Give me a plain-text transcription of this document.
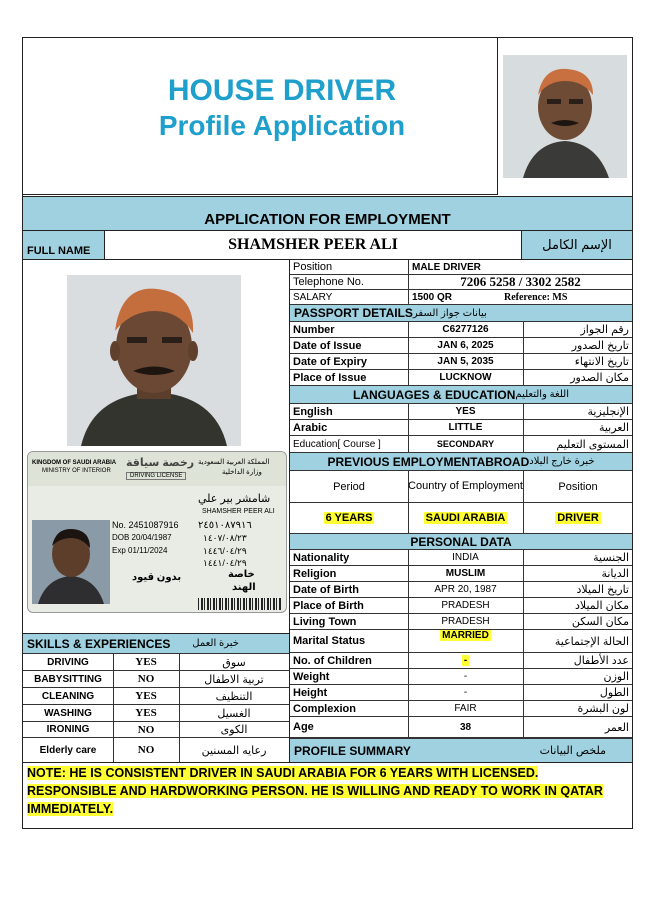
HOUSE DRIVER
Profile Application
APPLICATION FOR EMPLOYMENT
FULL NAME	SHAMSHER PEER ALI	الإسم الكامل
KINGDOM OF SAUDI ARABIA
MINISTRY OF INTERIOR
رخصة سياقة
DRIVING LICENSE
المملكة العربية السعودية
وزارة الداخلية
شامشر بير علي
SHAMSHER PEER ALI
No. 2451087916 ٢٤٥١٠٨٧٩١٦
DOB 20/04/1987	١٤٠٧/٠٨/٢٣
Exp 01/11/2024	١٤٤٦/٠٤/٢٩
١٤٤١/٠٤/٢٩
خاصة
بدون قيود
الهند
Position	MALE DRIVER
Telephone No.	7206 5258 / 3302 2582
SALARY	1500 QR	Reference: MS
PASSPORT DETAILS بيانات جواز السفر
Number	C6277126	رقم الجواز
Date of Issue	JAN 6, 2025	تاريخ الصدور
Date of Expiry	JAN 5, 2035	تاريخ الانتهاء
Place of Issue	LUCKNOW	مكان الصدور
LANGUAGES & EDUCATION اللغة والتعليم
English	YES	الإنجليزية
Arabic	LITTLE	العربية
Education[ Course ]	SECONDARY	المستوى التعليم
PREVIOUS EMPLOYMENTABROAD خبرة خارج البلاد
Period	Country of Employment	Position
6 YEARS	SAUDI ARABIA	DRIVER
PERSONAL DATA
Nationality	INDIA	الجنسية
Religion	MUSLIM	الديانة
Date of Birth	APR 20, 1987	تاريخ الميلاد
Place of Birth	PRADESH	مكان الميلاد
Living Town	PRADESH	مكان السكن
Marital Status	MARRIED	الحالة الإجتماعية
No. of Children	-	عدد الأطفال
Weight	-	الوزن
Height	-	الطول
Complexion	FAIR	لون البشرة
Age	38	العمر
PROFILE SUMMARY	ملخص البيانات
SKILLS & EXPERIENCES خبرة العمل
DRIVING	YES	سوق
BABYSITTING	NO	تربية الاطفال
CLEANING	YES	التنظيف
WASHING	YES	الغسيل
IRONING	NO	الكوى
Elderly care	NO	رعايه المسنين
NOTE: HE IS CONSISTENT DRIVER IN SAUDI ARABIA FOR 6 YEARS WITH LICENSED. RESPONSIBLE AND HARDWORKING PERSON. HE IS WILLING AND READY TO WORK IN QATAR IMMEDIATELY.
